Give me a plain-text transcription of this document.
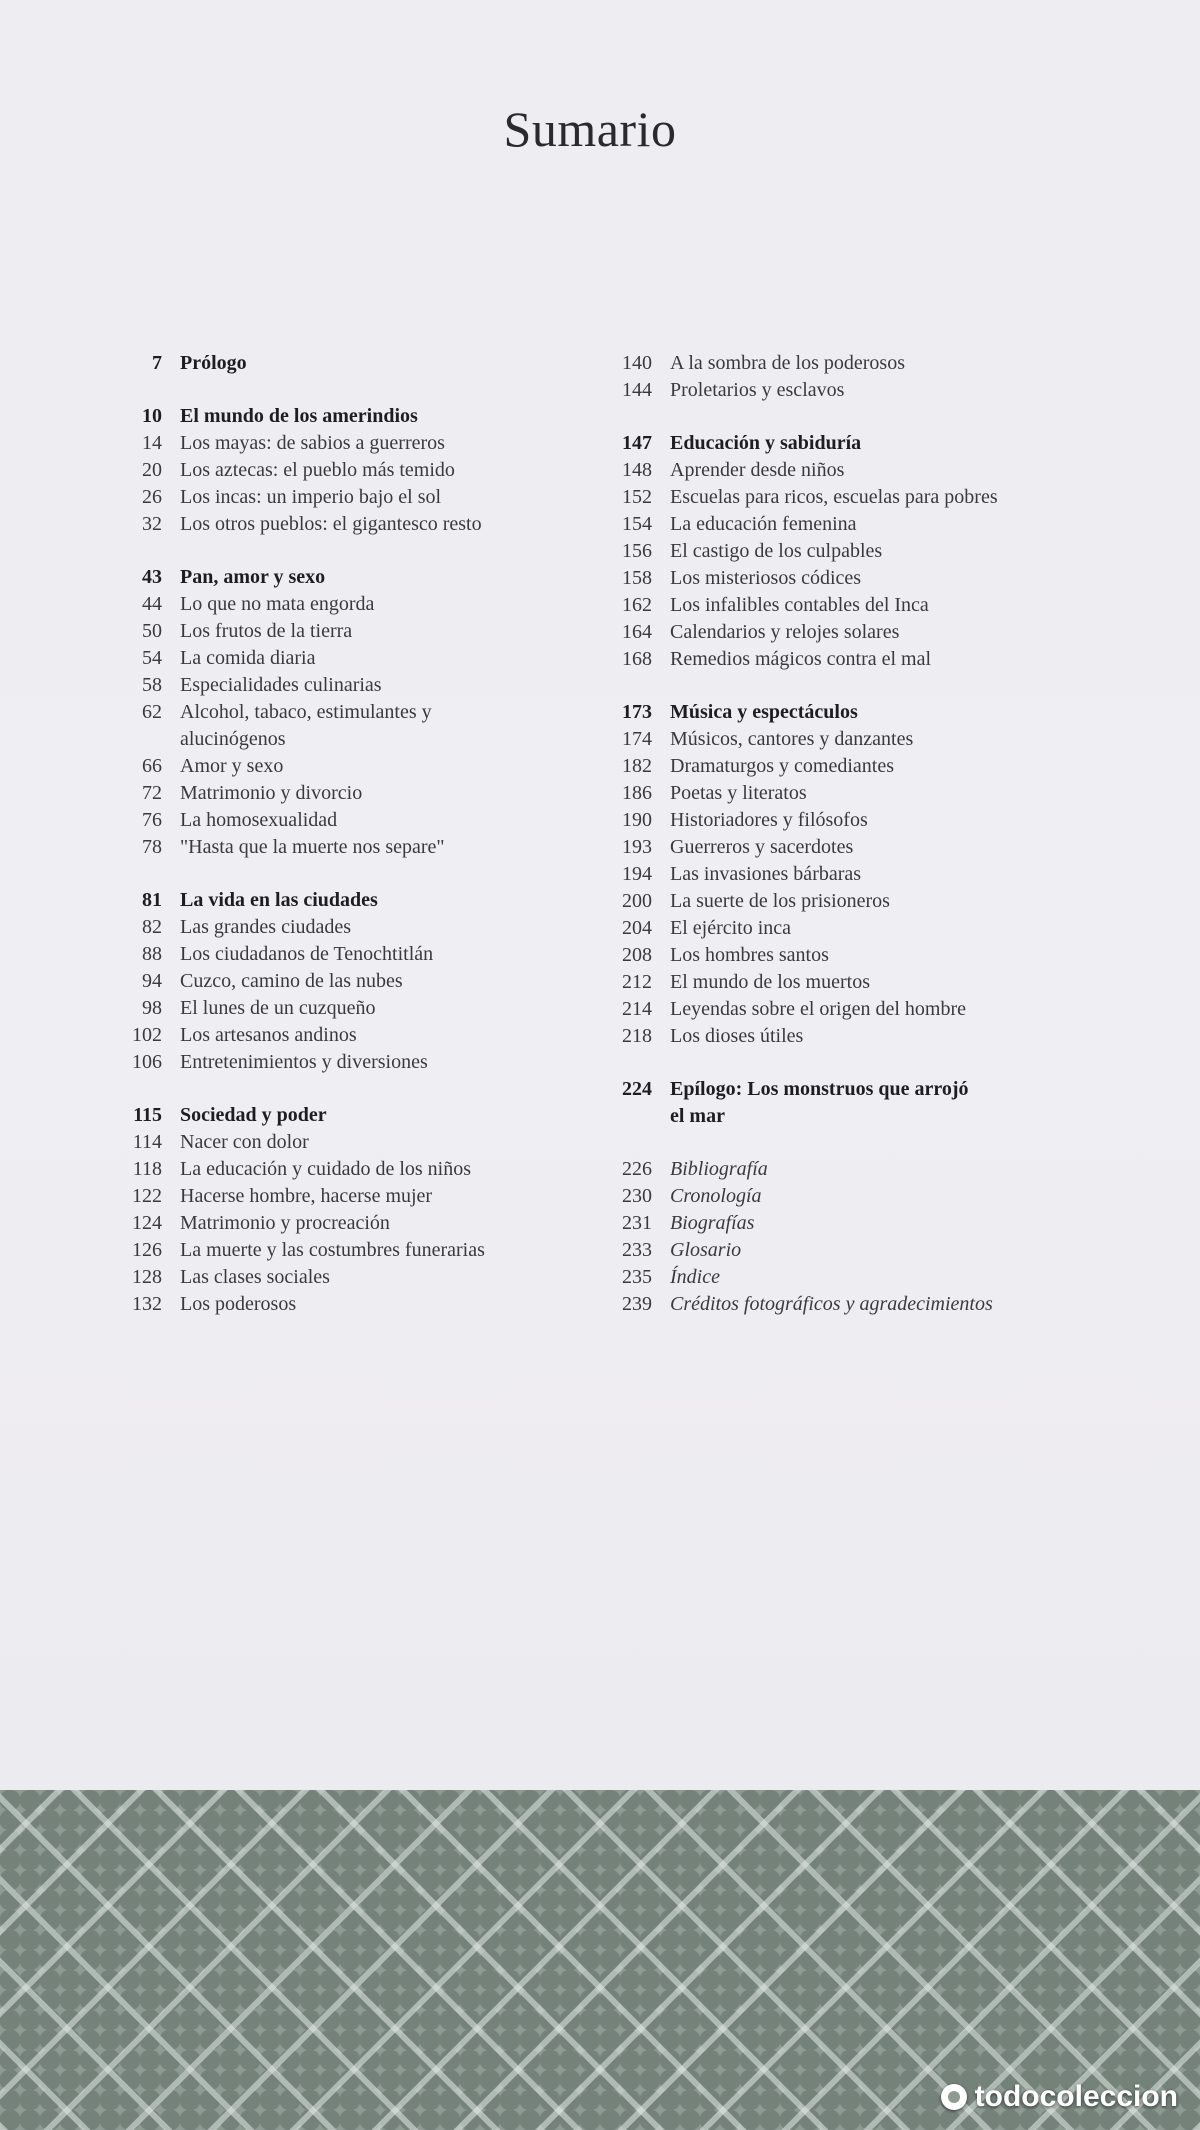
Sumario
7 Prólogo
10 El mundo de los amerindios
14 Los mayas: de sabios a guerreros
20 Los aztecas: el pueblo más temido
26 Los incas: un imperio bajo el sol
32 Los otros pueblos: el gigantesco resto
43 Pan, amor y sexo
44 Lo que no mata engorda
50 Los frutos de la tierra
54 La comida diaria
58 Especialidades culinarias
62 Alcohol, tabaco, estimulantes y
alucinógenos
66 Amor y sexo
72 Matrimonio y divorcio
76 La homosexualidad
78 "Hasta que la muerte nos separe"
81 La vida en las ciudades
82 Las grandes ciudades
88 Los ciudadanos de Tenochtitlán
94 Cuzco, camino de las nubes
98 El lunes de un cuzqueño
102 Los artesanos andinos
106 Entretenimientos y diversiones
115 Sociedad y poder
114 Nacer con dolor
118 La educación y cuidado de los niños
122 Hacerse hombre, hacerse mujer
124 Matrimonio y procreación
126 La muerte y las costumbres funerarias
128 Las clases sociales
132 Los poderosos
140 A la sombra de los poderosos
144 Proletarios y esclavos
147 Educación y sabiduría
148 Aprender desde niños
152 Escuelas para ricos, escuelas para pobres
154 La educación femenina
156 El castigo de los culpables
158 Los misteriosos códices
162 Los infalibles contables del Inca
164 Calendarios y relojes solares
168 Remedios mágicos contra el mal
173 Música y espectáculos
174 Músicos, cantores y danzantes
182 Dramaturgos y comediantes
186 Poetas y literatos
190 Historiadores y filósofos
193 Guerreros y sacerdotes
194 Las invasiones bárbaras
200 La suerte de los prisioneros
204 El ejército inca
208 Los hombres santos
212 El mundo de los muertos
214 Leyendas sobre el origen del hombre
218 Los dioses útiles
224 Epílogo: Los monstruos que arrojó
el mar
226 Bibliografía
230 Cronología
231 Biografías
233 Glosario
235 Índice
239 Créditos fotográficos y agradecimientos
todocoleccion
